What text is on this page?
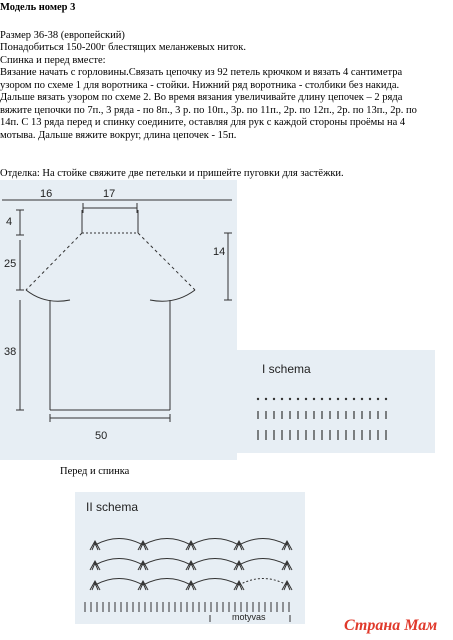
Модель номер 3
Размер 36-38 (европейский)
Понадобиться 150-200г блестящих меланжевых ниток.
Спинка и перед вместе:
Вязание начать с горловины.Связать цепочку из 92 петель крючком и вязать 4 сантиметра
узором по схеме 1 для воротника - стойки. Нижний ряд воротника - столбики без накида.
Дальше вязать узором по схеме 2. Во время вязания увеличивайте длину цепочек – 2 ряда
вяжите цепочки по 7п., 3 ряда - по 8п., 3 р. по 10п., 3р. по 11п., 2р. по 12п., 2р. по 13п., 2р. по
14п. С 13 ряда перед и спинку соедините, оставляя для рук с каждой стороны проёмы на 4
мотыва. Дальше вяжите вокруг, длина цепочек - 15п.
Отделка: На стойке свяжите две петельки и пришейте пуговки для застёжки.
16	17
4
25
14
38
50
I schema
Перед и спинка
II schema
motyvas	Страна Мам
